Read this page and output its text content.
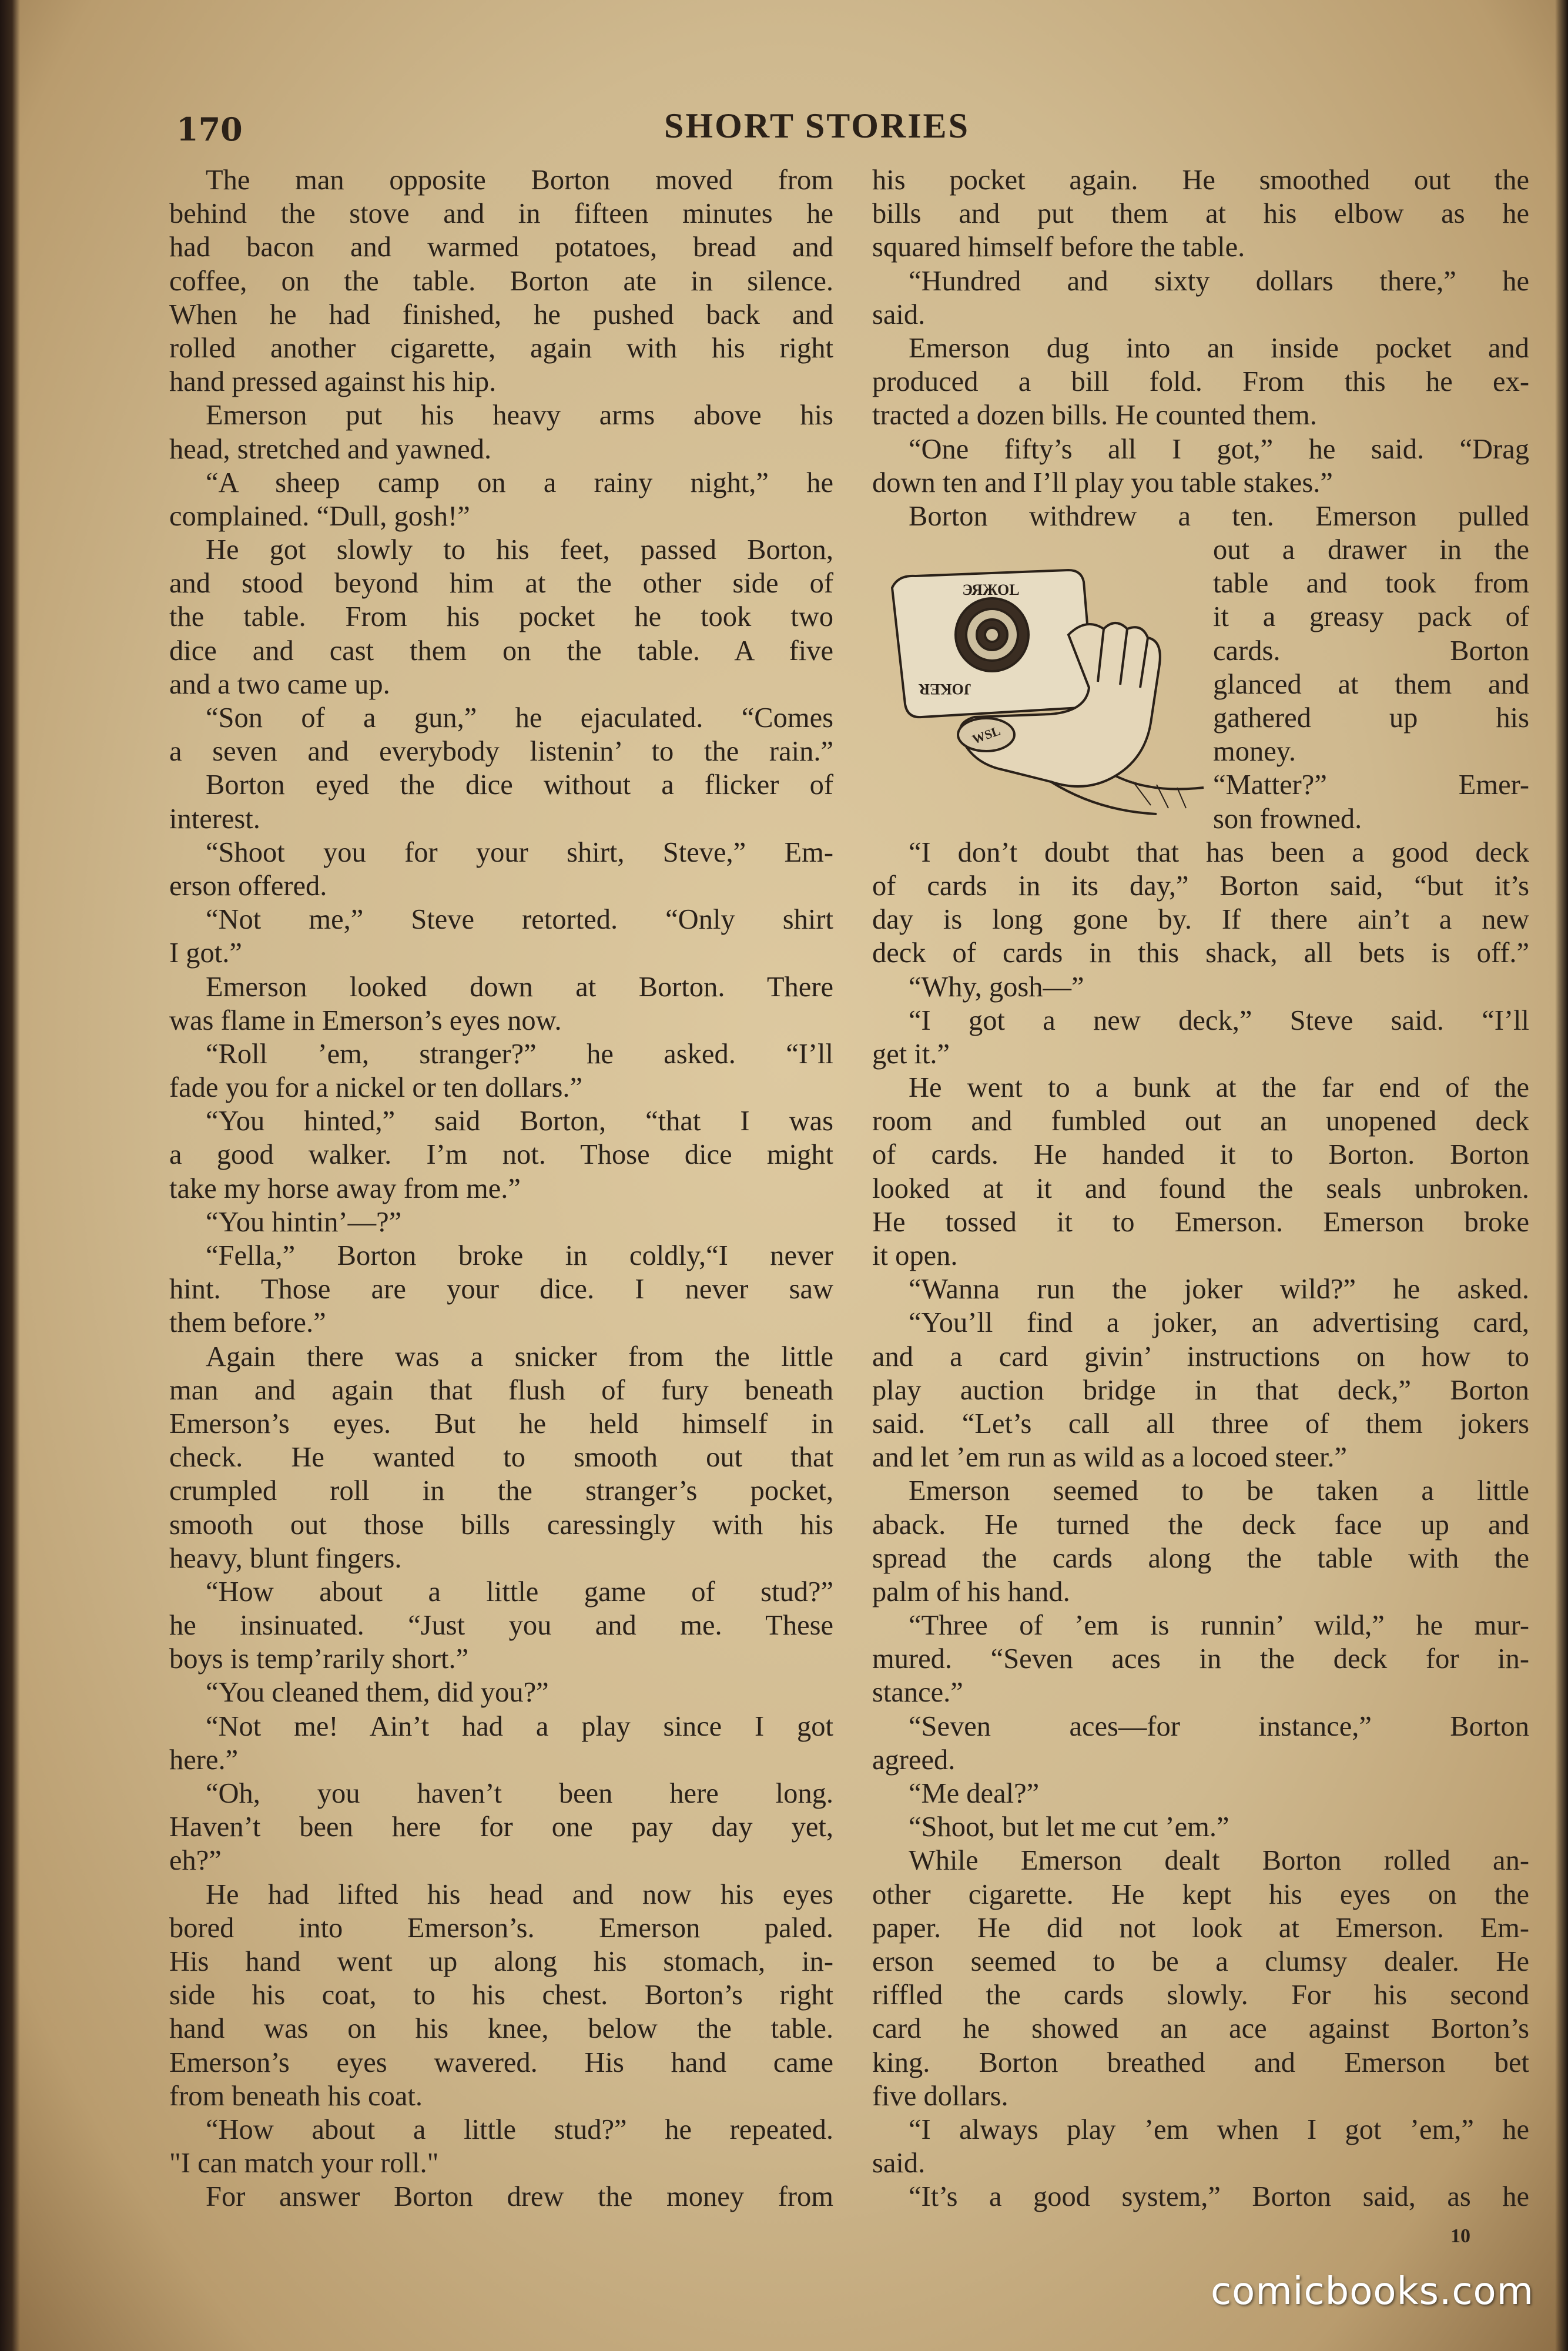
170	SHORT STORIES
The man opposite Borton moved from
behind the stove and in fifteen minutes he
had bacon and warmed potatoes, bread and
coffee, on the table. Borton ate in silence.
When he had finished, he pushed back and
rolled another cigarette, again with his right
hand pressed against his hip.
Emerson put his heavy arms above his
head, stretched and yawned.
“A sheep camp on a rainy night,” he
complained. “Dull, gosh!”
He got slowly to his feet, passed Borton,
and stood beyond him at the other side of
the table. From his pocket he took two
dice and cast them on the table. A five
and a two came up.
“Son of a gun,” he ejaculated. “Comes
a seven and everybody listenin’ to the rain.”
Borton eyed the dice without a flicker of
interest.
“Shoot you for your shirt, Steve,” Em-
erson offered.
“Not me,” Steve retorted. “Only shirt
I got.”
Emerson looked down at Borton. There
was flame in Emerson’s eyes now.
“Roll ’em, stranger?” he asked. “I’ll
fade you for a nickel or ten dollars.”
“You hinted,” said Borton, “that I was
a good walker. I’m not. Those dice might
take my horse away from me.”
“You hintin’—?”
“Fella,” Borton broke in coldly,“I never
hint. Those are your dice. I never saw
them before.”
Again there was a snicker from the little
man and again that flush of fury beneath
Emerson’s eyes. But he held himself in
check. He wanted to smooth out that
crumpled roll in the stranger’s pocket,
smooth out those bills caressingly with his
heavy, blunt fingers.
“How about a little game of stud?”
he insinuated. “Just you and me. These
boys is temp’rarily short.”
“You cleaned them, did you?”
“Not me! Ain’t had a play since I got
here.”
“Oh, you haven’t been here long.
Haven’t been here for one pay day yet,
eh?”
He had lifted his head and now his eyes
bored into Emerson’s. Emerson paled.
His hand went up along his stomach, in-
side his coat, to his chest. Borton’s right
hand was on his knee, below the table.
Emerson’s eyes wavered. His hand came
from beneath his coat.
“How about a little stud?” he repeated.
"I can match your roll."
For answer Borton drew the money from
his pocket again. He smoothed out the
bills and put them at his elbow as he
squared himself before the table.
“Hundred and sixty dollars there,” he
said.
Emerson dug into an inside pocket and
produced a bill fold. From this he ex-
tracted a dozen bills. He counted them.
“One fifty’s all I got,” he said. “Drag
down ten and I’ll play you table stakes.”
Borton withdrew a ten. Emerson pulled
out a drawer in the
table and took from
it a greasy pack of
cards. Borton
glanced at them and
gathered up his
money.
“Matter?” Emer-
son frowned.
“I don’t doubt that has been a good deck
of cards in its day,” Borton said, “but it’s
day is long gone by. If there ain’t a new
deck of cards in this shack, all bets is off.”
“Why, gosh—”
“I got a new deck,” Steve said. “I’ll
get it.”
He went to a bunk at the far end of the
room and fumbled out an unopened deck
of cards. He handed it to Borton. Borton
looked at it and found the seals unbroken.
He tossed it to Emerson. Emerson broke
it open.
“Wanna run the joker wild?” he asked.
“You’ll find a joker, an advertising card,
and a card givin’ instructions on how to
play auction bridge in that deck,” Borton
said. “Let’s call all three of them jokers
and let ’em run as wild as a locoed steer.”
Emerson seemed to be taken a little
aback. He turned the deck face up and
spread the cards along the table with the
palm of his hand.
“Three of ’em is runnin’ wild,” he mur-
mured. “Seven aces in the deck for in-
stance.”
“Seven aces—for instance,” Borton
agreed.
“Me deal?”
“Shoot, but let me cut ’em.”
While Emerson dealt Borton rolled an-
other cigarette. He kept his eyes on the
paper. He did not look at Emerson. Em-
erson seemed to be a clumsy dealer. He
riffled the cards slowly. For his second
card he showed an ace against Borton’s
king. Borton breathed and Emerson bet
five dollars.
“I always play ’em when I got ’em,” he
said.
“It’s a good system,” Borton said, as he
ЭЯЖОL
JOKER
WSL
10
comicbooks.com
